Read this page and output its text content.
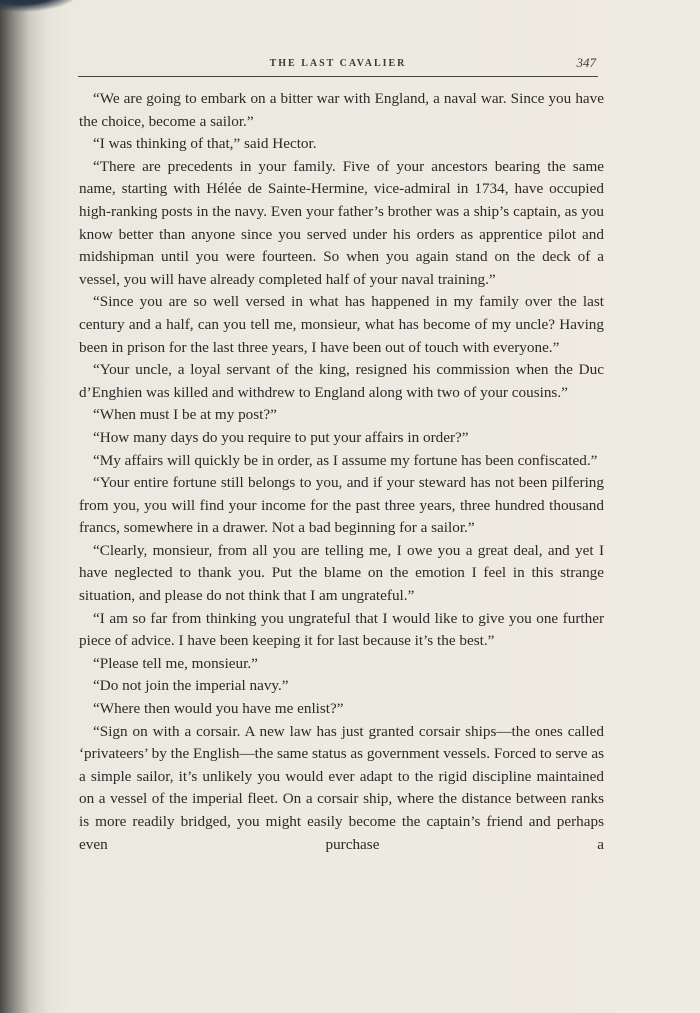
THE LAST CAVALIER	347

“We are going to embark on a bitter war with England, a naval war. Since you have the choice, become a sailor.”

“I was thinking of that,” said Hector.

“There are precedents in your family. Five of your ancestors bearing the same name, starting with Hélée de Sainte-Hermine, vice-admiral in 1734, have occupied high-ranking posts in the navy. Even your father’s brother was a ship’s captain, as you know better than anyone since you served under his orders as apprentice pilot and midshipman until you were fourteen. So when you again stand on the deck of a vessel, you will have already completed half of your naval training.”

“Since you are so well versed in what has happened in my family over the last century and a half, can you tell me, monsieur, what has become of my uncle? Having been in prison for the last three years, I have been out of touch with everyone.”

“Your uncle, a loyal servant of the king, resigned his commission when the Duc d’Enghien was killed and withdrew to England along with two of your cousins.”

“When must I be at my post?”

“How many days do you require to put your affairs in order?”

“My affairs will quickly be in order, as I assume my fortune has been confiscated.”

“Your entire fortune still belongs to you, and if your steward has not been pilfering from you, you will find your income for the past three years, three hundred thousand francs, somewhere in a drawer. Not a bad beginning for a sailor.”

“Clearly, monsieur, from all you are telling me, I owe you a great deal, and yet I have neglected to thank you. Put the blame on the emotion I feel in this strange situation, and please do not think that I am ungrateful.”

“I am so far from thinking you ungrateful that I would like to give you one further piece of advice. I have been keeping it for last because it’s the best.”

“Please tell me, monsieur.”

“Do not join the imperial navy.”

“Where then would you have me enlist?”

“Sign on with a corsair. A new law has just granted corsair ships—the ones called ‘privateers’ by the English—the same status as government vessels. Forced to serve as a simple sailor, it’s unlikely you would ever adapt to the rigid discipline maintained on a vessel of the imperial fleet. On a corsair ship, where the distance between ranks is more readily bridged, you might easily become the captain’s friend and perhaps even purchase a
